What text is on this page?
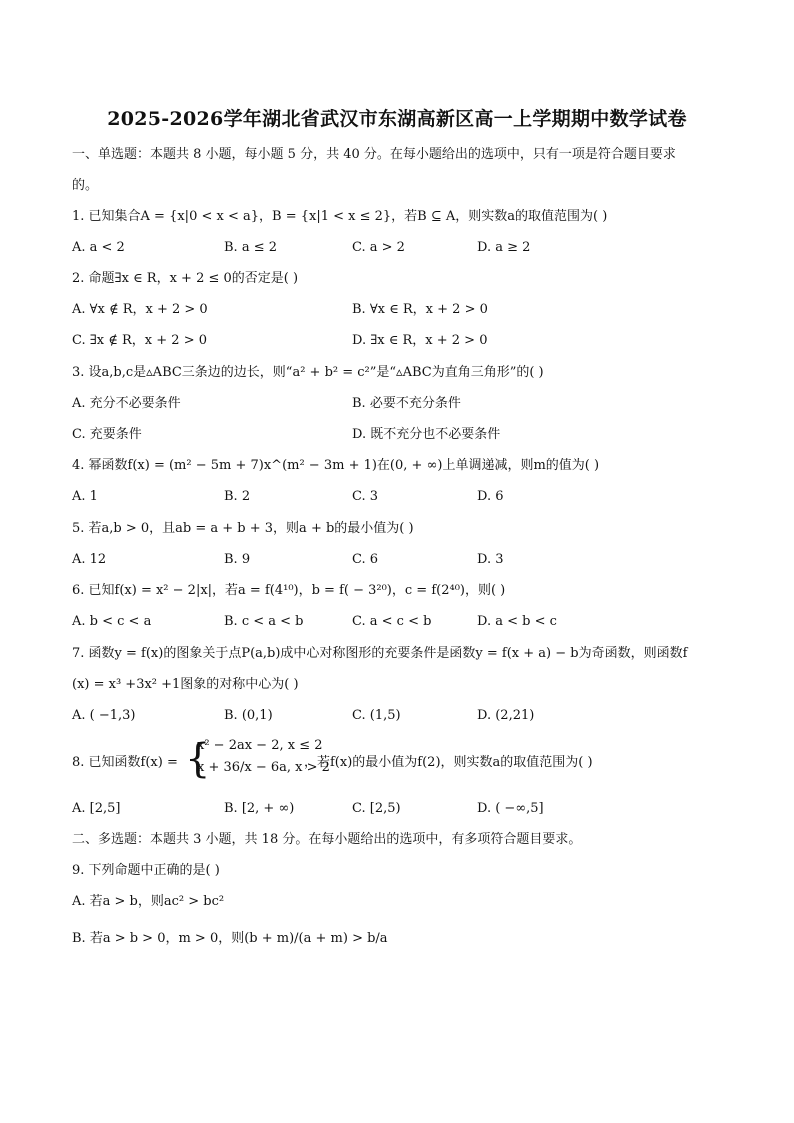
2025-2026学年湖北省武汉市东湖高新区高一上学期期中数学试卷
一、单选题：本题共 8 小题，每小题 5 分，共 40 分。在每小题给出的选项中，只有一项是符合题目要求
的。
1. 已知集合A = {x|0 < x < a}，B = {x|1 < x ≤ 2}，若B ⊆ A，则实数a的取值范围为( )
A. a < 2	B. a ≤ 2	C. a > 2	D. a ≥ 2
2. 命题∃x ∈ R，x + 2 ≤ 0的否定是( )
A. ∀x ∉ R，x + 2 > 0	B. ∀x ∈ R，x + 2 > 0
C. ∃x ∉ R，x + 2 > 0	D. ∃x ∈ R，x + 2 > 0
3. 设a,b,c是▵ABC三条边的边长，则“a² + b² = c²”是“▵ABC为直角三角形”的( )
A. 充分不必要条件	B. 必要不充分条件
C. 充要条件	D. 既不充分也不必要条件
4. 幂函数f(x) = (m² − 5m + 7)x^(m² − 3m + 1)在(0, + ∞)上单调递减，则m的值为( )
A. 1	B. 2	C. 3	D. 6
5. 若a,b > 0，且ab = a + b + 3，则a + b的最小值为( )
A. 12	B. 9	C. 6	D. 3
6. 已知f(x) = x² − 2|x|，若a = f(4¹⁰)，b = f( − 3²⁰)，c = f(2⁴⁰)，则( )
A. b < c < a	B. c < a < b	C. a < c < b	D. a < b < c
7. 函数y = f(x)的图象关于点P(a,b)成中心对称图形的充要条件是函数y = f(x + a) − b为奇函数，则函数f
(x) = x³ +3x² +1图象的对称中心为( )
A. ( −1,3)	B. (0,1)	C. (1,5)	D. (2,21)
8. 已知函数f(x) = {
x² − 2ax − 2, x ≤ 2
x + 36/x − 6a, x > 2
，若f(x)的最小值为f(2)，则实数a的取值范围为( )
A. [2,5]	B. [2, + ∞)	C. [2,5)	D. ( −∞,5]
二、多选题：本题共 3 小题，共 18 分。在每小题给出的选项中，有多项符合题目要求。
9. 下列命题中正确的是( )
A. 若a > b，则ac² > bc²
B. 若a > b > 0，m > 0，则(b + m)/(a + m) > b/a
